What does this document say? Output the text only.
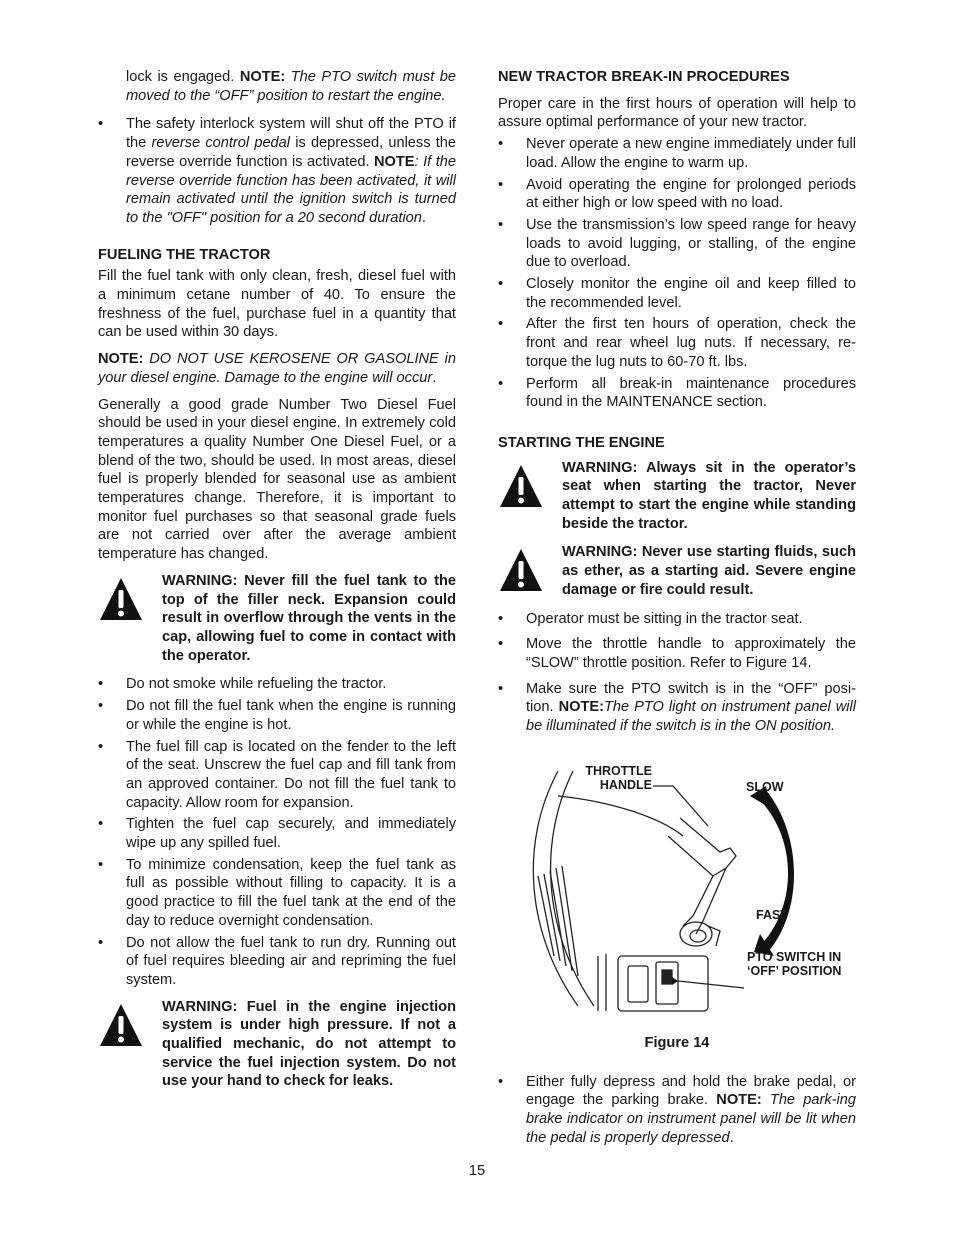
lock is engaged. NOTE: The PTO switch must be moved to the “OFF” position to restart the engine.
• The safety interlock system will shut off the PTO if the reverse control pedal is depressed, unless the reverse override function is activated. NOTE: If the reverse override function has been activated, it will remain activated until the ignition switch is turned to the "OFF" position for a 20 second duration.
FUELING THE TRACTOR

Fill the fuel tank with only clean, fresh, diesel fuel with a minimum cetane number of 40. To ensure the freshness of the fuel, purchase fuel in a quantity that can be used within 30 days.

NOTE: DO NOT USE KEROSENE OR GASOLINE in your diesel engine. Damage to the engine will occur.

Generally a good grade Number Two Diesel Fuel should be used in your diesel engine. In extremely cold temperatures a quality Number One Diesel Fuel, or a blend of the two, should be used. In most areas, diesel fuel is properly blended for seasonal use as ambient temperatures change. Therefore, it is important to monitor fuel purchases so that seasonal grade fuels are not carried over after the average ambient temperature has changed.

WARNING: Never fill the fuel tank to the top of the filler neck. Expansion could result in overflow through the vents in the cap, allowing fuel to come in contact with the operator.
• Do not smoke while refueling the tractor.
• Do not fill the fuel tank when the engine is running or while the engine is hot.
• The fuel fill cap is located on the fender to the left of the seat. Unscrew the fuel cap and fill tank from an approved container. Do not fill the fuel tank to capacity. Allow room for expansion.
• Tighten the fuel cap securely, and immediately wipe up any spilled fuel.
• To minimize condensation, keep the fuel tank as full as possible without filling to capacity. It is a good practice to fill the fuel tank at the end of the day to reduce overnight condensation.
• Do not allow the fuel tank to run dry. Running out of fuel requires bleeding air and repriming the fuel system.
WARNING: Fuel in the engine injection system is under high pressure. If not a qualified mechanic, do not attempt to service the fuel injection system. Do not use your hand to check for leaks.
NEW TRACTOR BREAK-IN PROCEDURES

Proper care in the first hours of operation will help to assure optimal performance of your new tractor.

• Never operate a new engine immediately under full load. Allow the engine to warm up.
• Avoid operating the engine for prolonged periods at either high or low speed with no load.
• Use the transmission’s low speed range for heavy loads to avoid lugging, or stalling, of the engine due to overload.
• Closely monitor the engine oil and keep filled to the recommended level.
• After the first ten hours of operation, check the front and rear wheel lug nuts. If necessary, re-torque the lug nuts to 60-70 ft. lbs.
• Perform all break-in maintenance procedures found in the MAINTENANCE section.
STARTING THE ENGINE
WARNING: Always sit in the operator’s seat when starting the tractor, Never attempt to start the engine while standing beside the tractor.
WARNING: Never use starting fluids, such as ether, as a starting aid. Severe engine damage or fire could result.
• Operator must be sitting in the tractor seat.
• Move the throttle handle to approximately the “SLOW” throttle position. Refer to Figure 14.
• Make sure the PTO switch is in the “OFF” posi-tion. NOTE:The PTO light on instrument panel will be illuminated if the switch is in the ON position.
THROTTLE HANDLE	SLOW
FAST
PTO SWITCH IN ‘OFF’ POSITION
Figure 14
• Either fully depress and hold the brake pedal, or engage the parking brake. NOTE: The park-ing brake indicator on instrument panel will be lit when the pedal is properly depressed.
15
